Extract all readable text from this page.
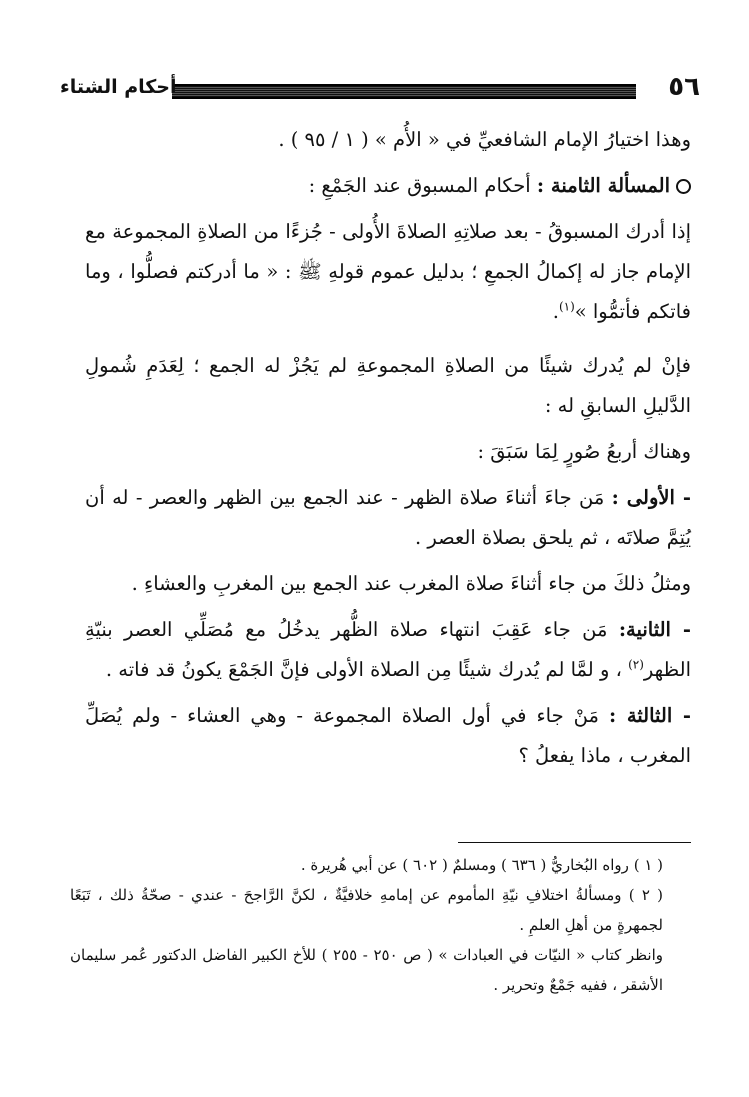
٥٦
أحكام الشتاء

وهذا اختيارُ الإمام الشافعيِّ في « الأُم » ( ١ / ٩٥ ) .

المسألة الثامنة : أحكام المسبوق عند الجَمْعِ :

إذا أدرك المسبوقُ - بعد صلاتِهِ الصلاةَ الأُولى - جُزءًا من الصلاةِ المجموعة مع الإمام جاز له إكمالُ الجمعِ ؛ بدليل عموم قولهِ ﷺ : « ما أدركتم فصلُّوا ، وما فاتكم فأتمُّوا »$^{(١)}$.

فإنْ لم يُدرك شيئًا من الصلاةِ المجموعةِ لم يَجُزْ له الجمع ؛ لِعَدَمِ شُمولِ الدَّليلِ السابقِ له :

وهناك أربعُ صُورٍ لِمَا سَبَقَ :

- الأولى : مَن جاءَ أثناءَ صلاة الظهر - عند الجمع بين الظهر والعصر - له أن يُتِمَّ صلاتَه ، ثم يلحق بصلاة العصر .

ومثلُ ذلكَ من جاء أثناءَ صلاة المغرب عند الجمع بين المغربِ والعشاءِ .

- الثانية: مَن جاء عَقِبَ انتهاء صلاة الظُّهر يدخُلُ مع مُصَلِّي العصر بنيّةِ الظهر$^{(٢)}$ ، و لمَّا لم يُدرك شيئًا مِن الصلاة الأولى فإنَّ الجَمْعَ يكونُ قد فاته .

- الثالثة : مَنْ جاء في أول الصلاة المجموعة - وهي العشاء - ولم يُصَلِّ المغرب ، ماذا يفعلُ ؟

( ١ ) رواه البُخاريُّ ( ٦٣٦ ) ومسلمٌ ( ٦٠٢ ) عن أبي هُريرة .

( ٢ ) ومسألةُ اختلافِ نيّةِ المأموم عن إمامهِ خلافيَّةٌ ، لكنَّ الرَّاجحَ - عندي - صحّةُ ذلك ، تَبَعًا لجمهرةٍ من أهلِ العلمِ .

وانظر كتاب « النيّات في العبادات » ( ص ٢٥٠ - ٢٥٥ ) للأخ الكبير الفاضل الدكتور عُمر سليمان الأشقر ، ففيه جَمْعٌ وتحرير .
